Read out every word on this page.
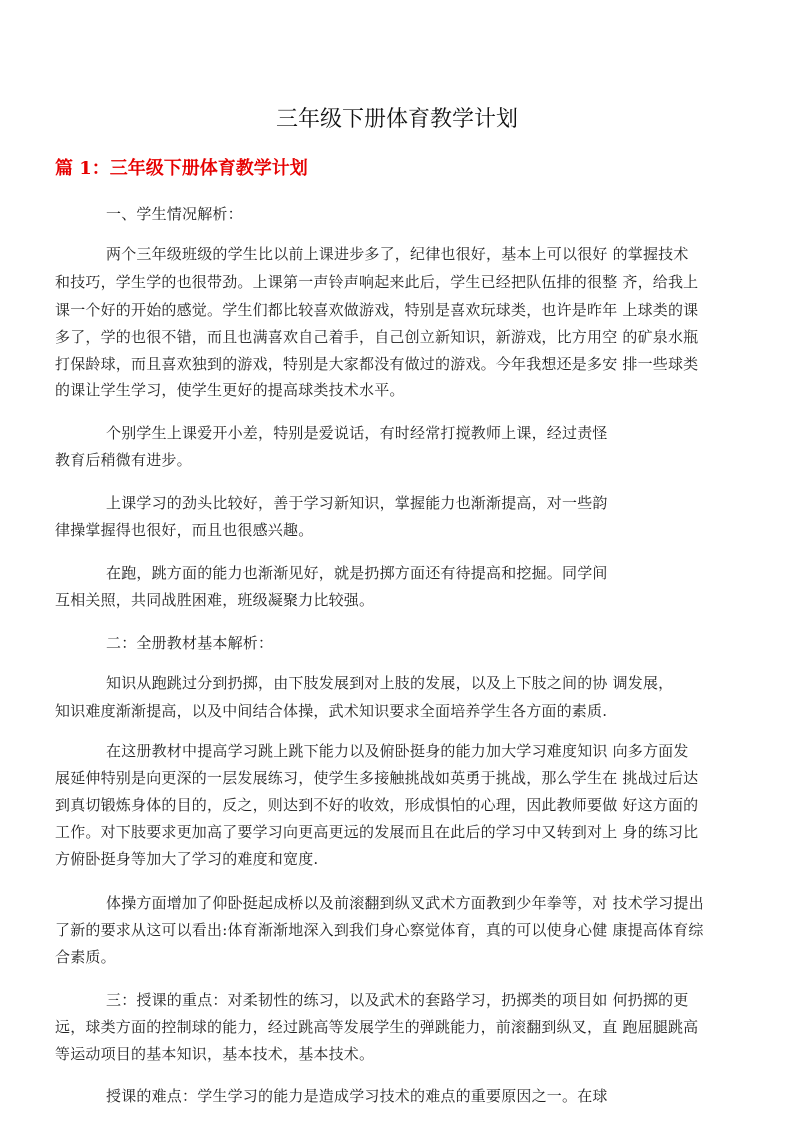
三年级下册体育教学计划
篇 1：三年级下册体育教学计划
一、学生情况解析：
两个三年级班级的学生比以前上课进步多了，纪律也很好，基本上可以很好 的掌握技术
和技巧，学生学的也很带劲。上课第一声铃声响起来此后，学生已经把队伍排的很整 齐，给我上
课一个好的开始的感觉。学生们都比较喜欢做游戏，特别是喜欢玩球类，也许是昨年 上球类的课
多了，学的也很不错，而且也满喜欢自己着手，自己创立新知识，新游戏，比方用空 的矿泉水瓶
打保龄球，而且喜欢独到的游戏，特别是大家都没有做过的游戏。今年我想还是多安 排一些球类
的课让学生学习，使学生更好的提高球类技术水平。
个别学生上课爱开小差，特别是爱说话，有时经常打搅教师上课，经过责怪
教育后稍微有进步。
上课学习的劲头比较好，善于学习新知识，掌握能力也渐渐提高，对一些韵
律操掌握得也很好，而且也很感兴趣。
在跑，跳方面的能力也渐渐见好，就是扔掷方面还有待提高和挖掘。同学间
互相关照，共同战胜困难，班级凝聚力比较强。
二：全册教材基本解析：
知识从跑跳过分到扔掷，由下肢发展到对上肢的发展，以及上下肢之间的协 调发展，
知识难度渐渐提高，以及中间结合体操，武术知识要求全面培养学生各方面的素质.
在这册教材中提高学习跳上跳下能力以及俯卧挺身的能力加大学习难度知识 向多方面发
展延伸特别是向更深的一层发展练习，使学生多接触挑战如英勇于挑战，那么学生在 挑战过后达
到真切锻炼身体的目的，反之，则达到不好的收效，形成惧怕的心理，因此教师要做 好这方面的
工作。对下肢要求更加高了要学习向更高更远的发展而且在此后的学习中又转到对上 身的练习比
方俯卧挺身等加大了学习的难度和宽度.
体操方面增加了仰卧挺起成桥以及前滚翻到纵叉武术方面教到少年拳等，对 技术学习提出
了新的要求从这可以看出:体育渐渐地深入到我们身心察觉体育，真的可以使身心健 康提高体育综
合素质。
三：授课的重点：对柔韧性的练习，以及武术的套路学习，扔掷类的项目如 何扔掷的更
远，球类方面的控制球的能力，经过跳高等发展学生的弹跳能力，前滚翻到纵叉，直 跑屈腿跳高
等运动项目的基本知识，基本技术，基本技术。
授课的难点：学生学习的能力是造成学习技术的难点的重要原因之一。在球
